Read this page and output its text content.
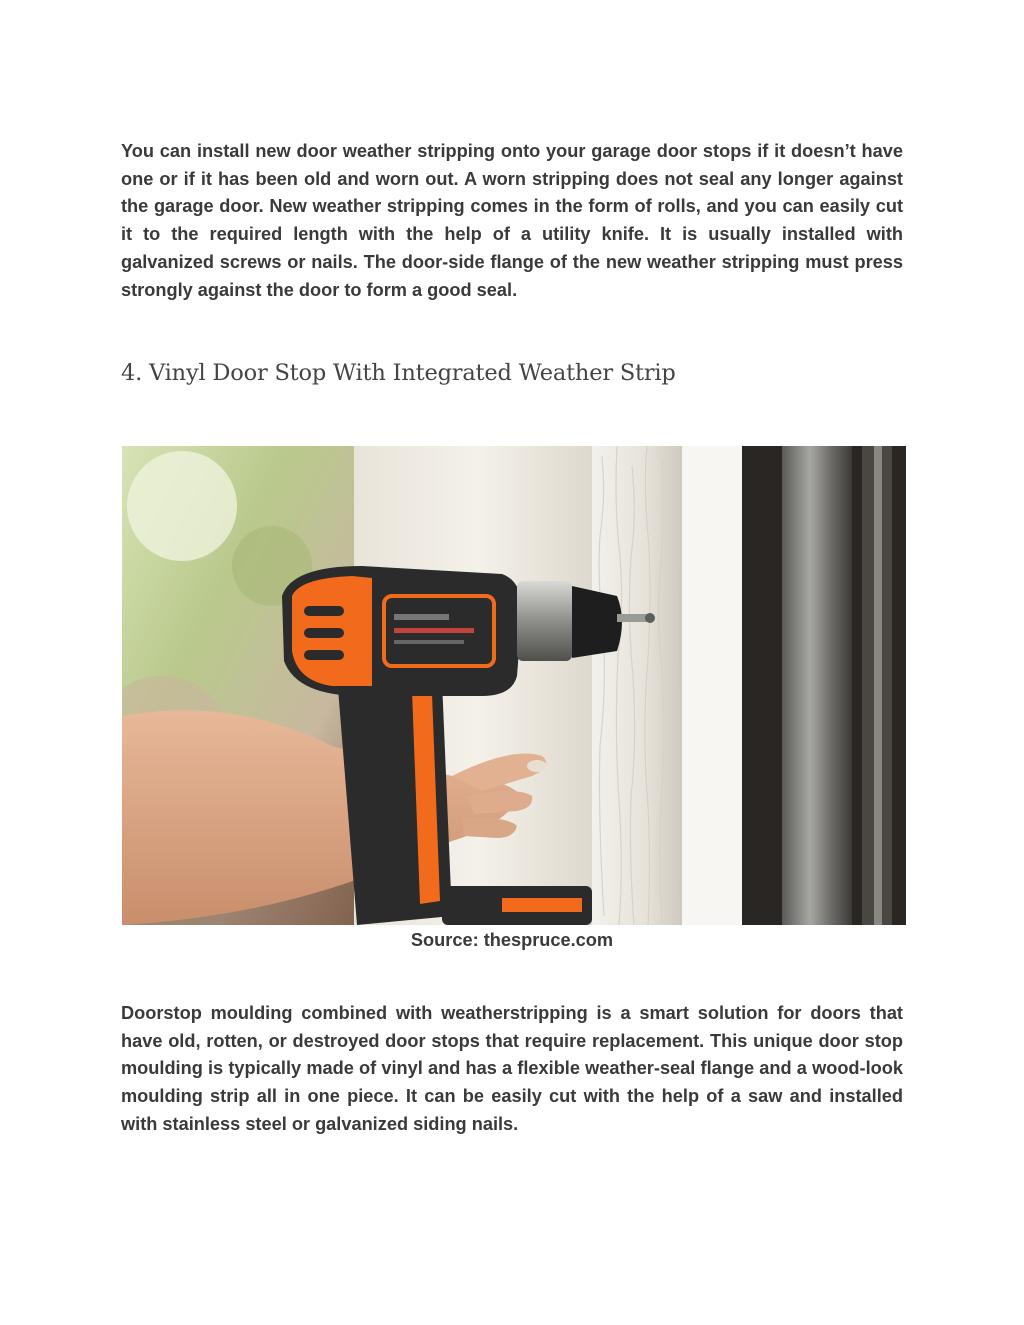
You can install new door weather stripping onto your garage door stops if it doesn’t have one or if it has been old and worn out. A worn stripping does not seal any longer against the garage door. New weather stripping comes in the form of rolls, and you can easily cut it to the required length with the help of a utility knife. It is usually installed with galvanized screws or nails. The door-side flange of the new weather stripping must press strongly against the door to form a good seal.

4. Vinyl Door Stop With Integrated Weather Strip

Source: thespruce.com

Doorstop moulding combined with weatherstripping is a smart solution for doors that have old, rotten, or destroyed door stops that require replacement. This unique door stop moulding is typically made of vinyl and has a flexible weather-seal flange and a wood-look moulding strip all in one piece. It can be easily cut with the help of a saw and installed with stainless steel or galvanized siding nails.
